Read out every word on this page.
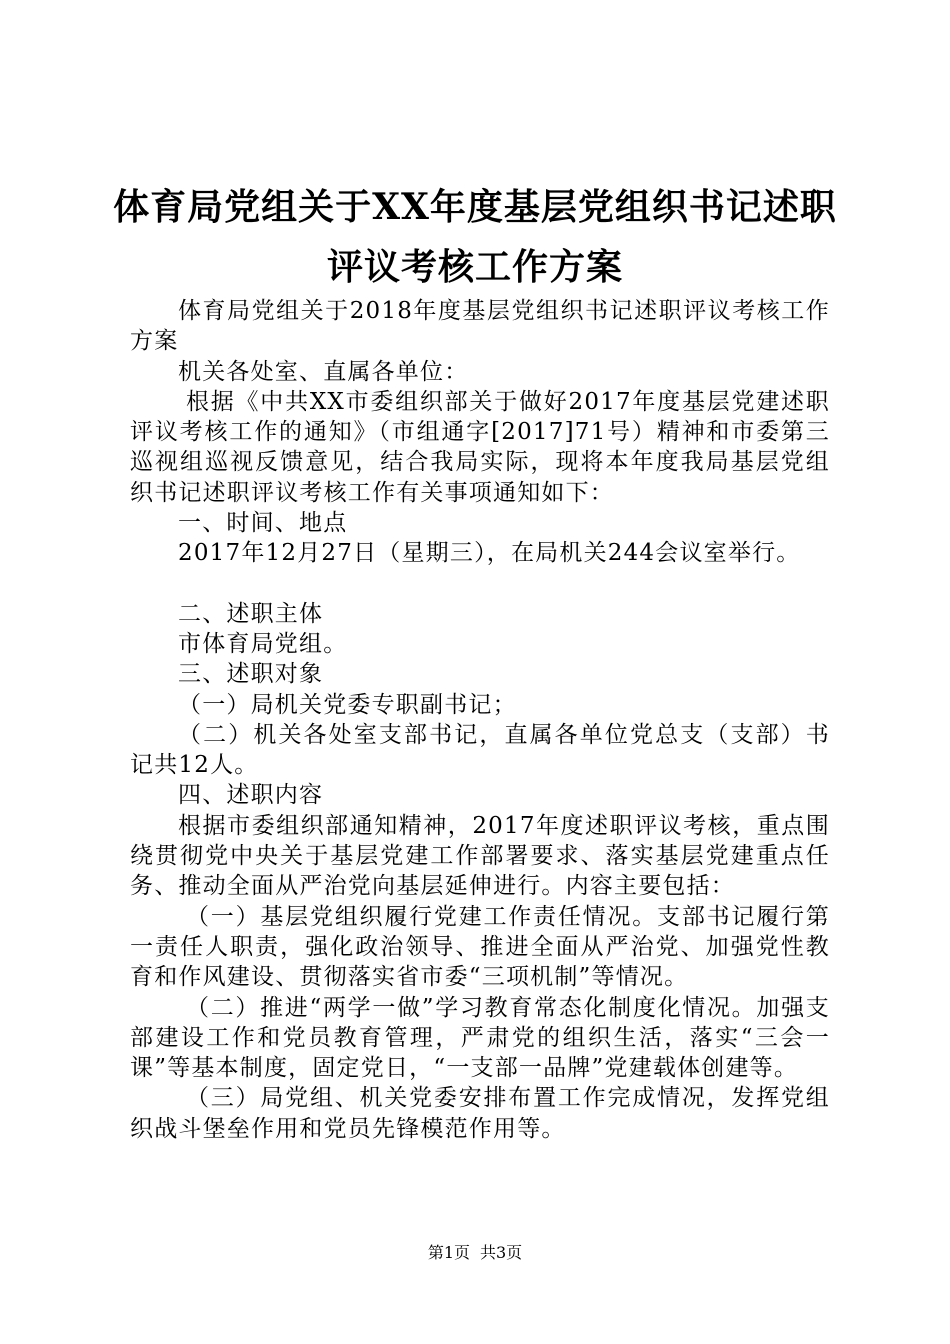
体育局党组关于XX年度基层党组织书记述职
评议考核工作方案

体育局党组关于2018年度基层党组织书记述职评议考核工作方案

机关各处室、直属各单位：

根据《中共XX市委组织部关于做好2017年度基层党建述职评议考核工作的通知》（市组通字[2017]71号）精神和市委第三巡视组巡视反馈意见，结合我局实际，现将本年度我局基层党组织书记述职评议考核工作有关事项通知如下：

一、时间、地点

2017年12月27日（星期三），在局机关244会议室举行。

二、述职主体

市体育局党组。

三、述职对象

（一）局机关党委专职副书记；

（二）机关各处室支部书记，直属各单位党总支（支部）书记共12人。

四、述职内容

根据市委组织部通知精神，2017年度述职评议考核，重点围绕贯彻党中央关于基层党建工作部署要求、落实基层党建重点任务、推动全面从严治党向基层延伸进行。内容主要包括：

（一）基层党组织履行党建工作责任情况。支部书记履行第一责任人职责，强化政治领导、推进全面从严治党、加强党性教育和作风建设、贯彻落实省市委“三项机制”等情况。

（二）推进“两学一做”学习教育常态化制度化情况。加强支部建设工作和党员教育管理，严肃党的组织生活，落实“三会一课”等基本制度，固定党日，“一支部一品牌”党建载体创建等。

（三）局党组、机关党委安排布置工作完成情况，发挥党组织战斗堡垒作用和党员先锋模范作用等。

第1页 共3页
